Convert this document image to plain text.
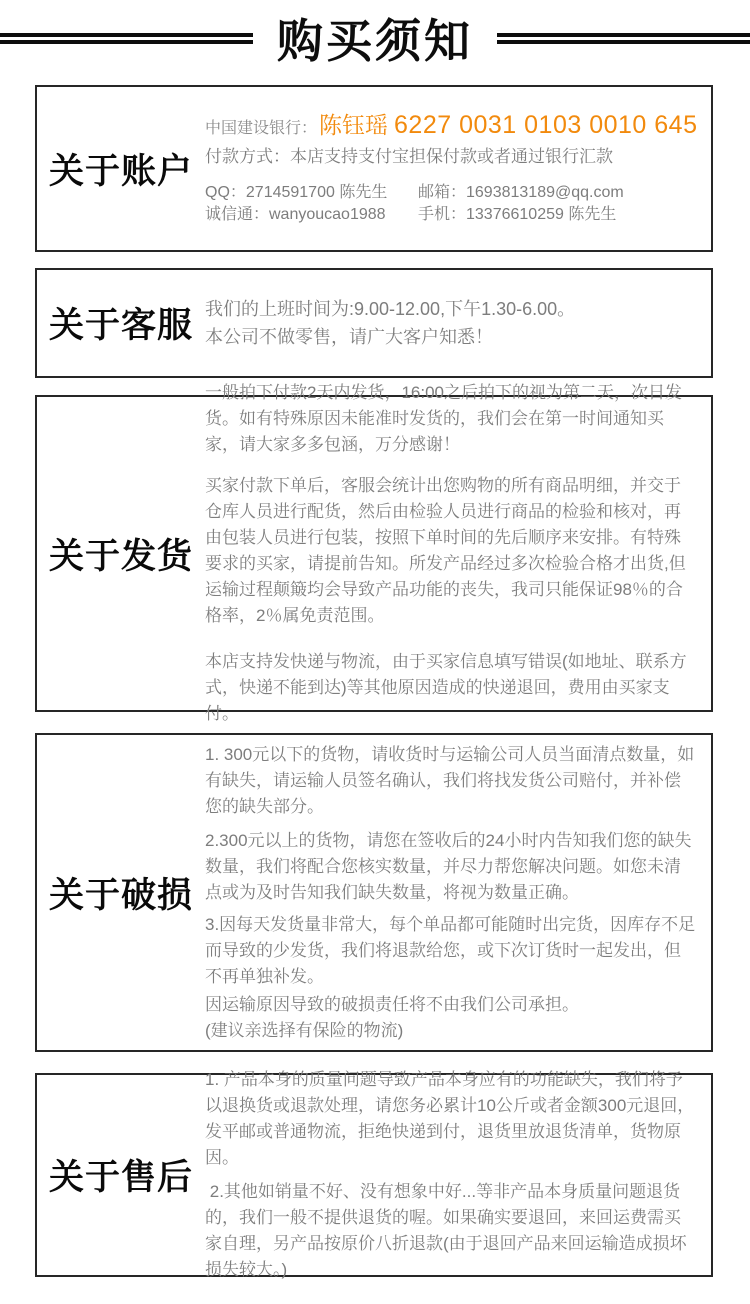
购买须知
关于账户
中国建设银行：陈钰瑶 6227 0031 0103 0010 645
付款方式：本店支持支付宝担保付款或者通过银行汇款
QQ：2714591700 陈先生	邮箱：1693813189@qq.com
诚信通：wanyoucao1988	手机：13376610259 陈先生
关于客服 我们的上班时间为:9.00-12.00,下午1.30-6.00。
本公司不做零售，请广大客户知悉！
关于发货

一般拍下付款2天内发货，16:00之后拍下的视为第二天，次日发货。如有特殊原因未能准时发货的，我们会在第一时间通知买家，请大家多多包涵，万分感谢！

买家付款下单后，客服会统计出您购物的所有商品明细，并交于仓库人员进行配货，然后由检验人员进行商品的检验和核对，再由包装人员进行包装，按照下单时间的先后顺序来安排。有特殊要求的买家，请提前告知。所发产品经过多次检验合格才出货,但运输过程颠簸均会导致产品功能的丧失，我司只能保证98％的合格率，2％属免责范围。

本店支持发快递与物流，由于买家信息填写错误(如地址、联系方式，快递不能到达)等其他原因造成的快递退回，费用由买家支付。

关于破损

1. 300元以下的货物，请收货时与运输公司人员当面清点数量，如有缺失，请运输人员签名确认，我们将找发货公司赔付，并补偿您的缺失部分。

2.300元以上的货物，请您在签收后的24小时内告知我们您的缺失数量，我们将配合您核实数量，并尽力帮您解决问题。如您未清点或为及时告知我们缺失数量，将视为数量正确。

3.因每天发货量非常大，每个单品都可能随时出完货，因库存不足而导致的少发货，我们将退款给您，或下次订货时一起发出，但不再单独补发。

因运输原因导致的破损责任将不由我们公司承担。

(建议亲选择有保险的物流)

关于售后

1. 产品本身的质量问题导致产品本身应有的功能缺失，我们将予以退换货或退款处理，请您务必累计10公斤或者金额300元退回，发平邮或普通物流，拒绝快递到付，退货里放退货清单，货物原因。

2.其他如销量不好、没有想象中好...等非产品本身质量问题退货的，我们一般不提供退货的喔。如果确实要退回，来回运费需买家自理，另产品按原价八折退款(由于退回产品来回运输造成损坏损失较大。)
